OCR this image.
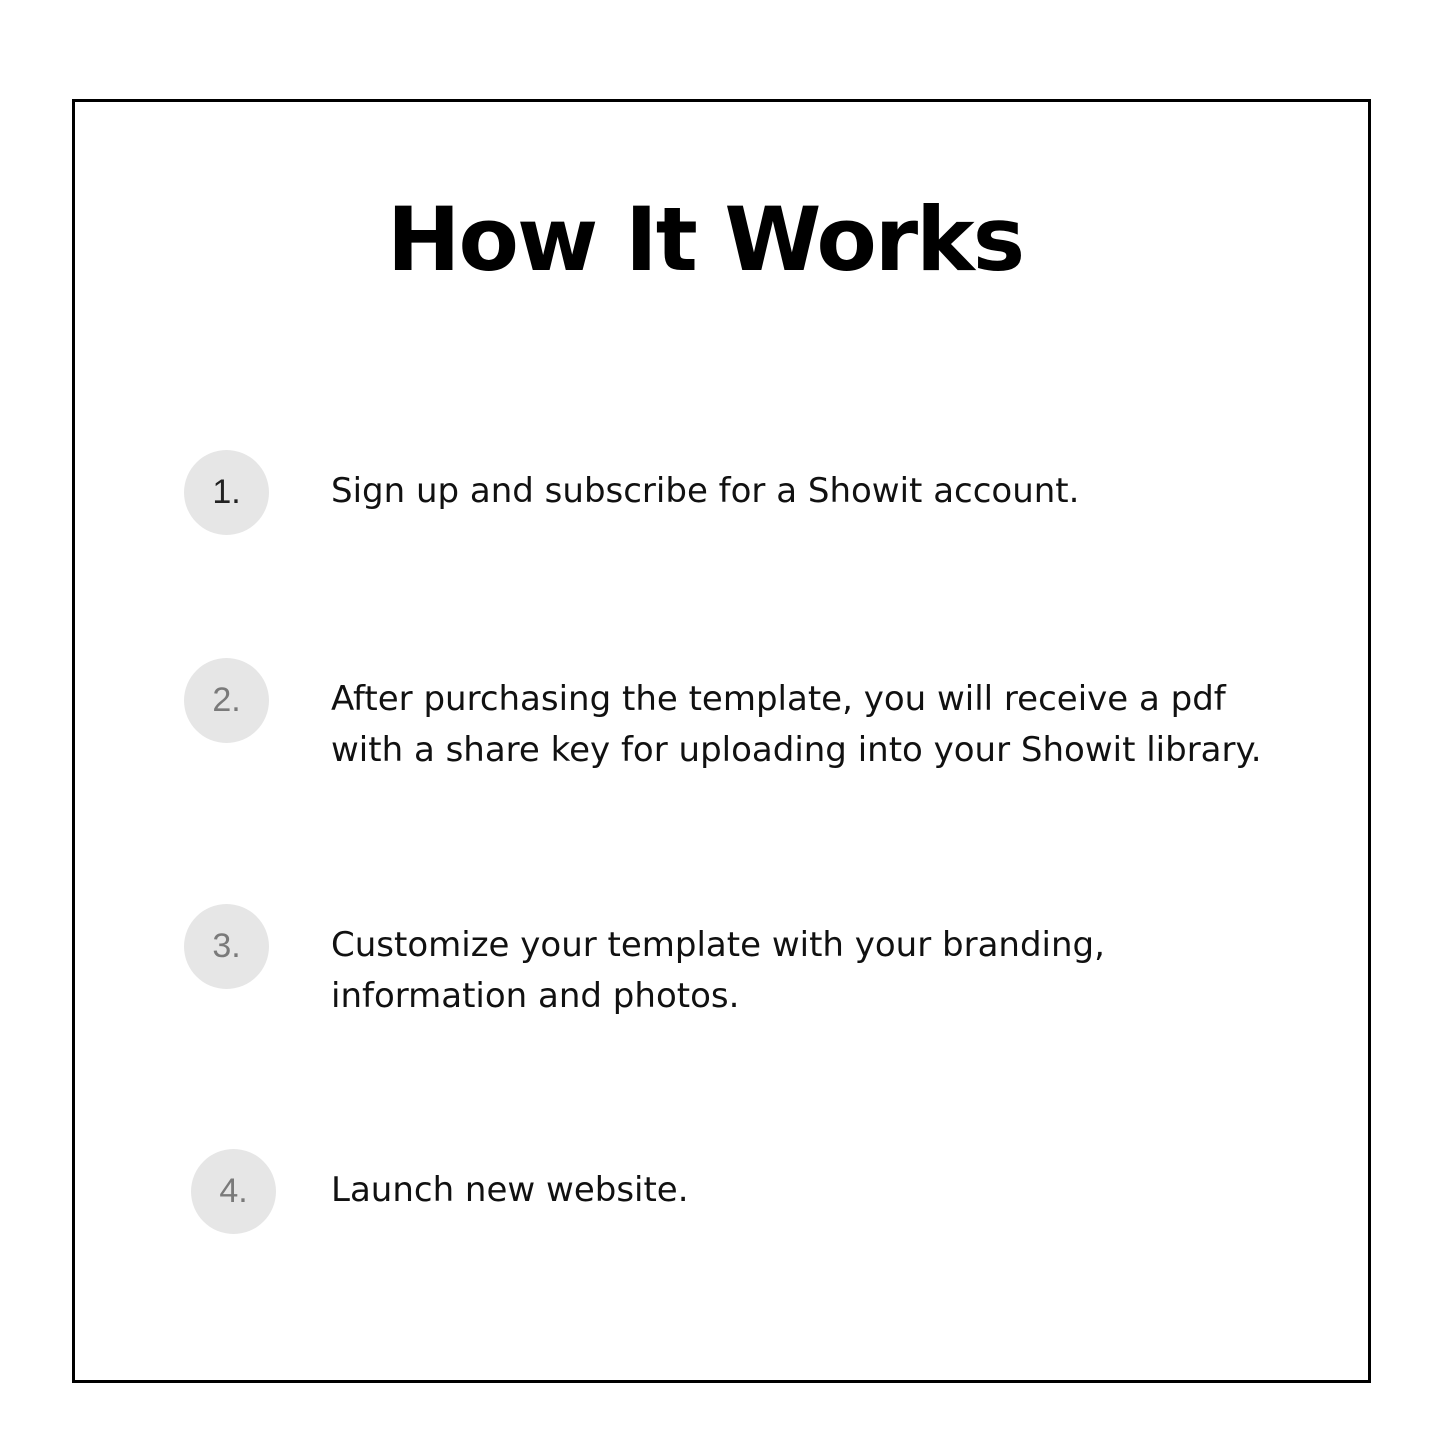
How It Works
1.	Sign up and subscribe for a Showit account.
2.	After purchasing the template, you will receive a pdf with a share key for uploading into your Showit library.
3.	Customize your template with your branding, information and photos.
4.	Launch new website.
